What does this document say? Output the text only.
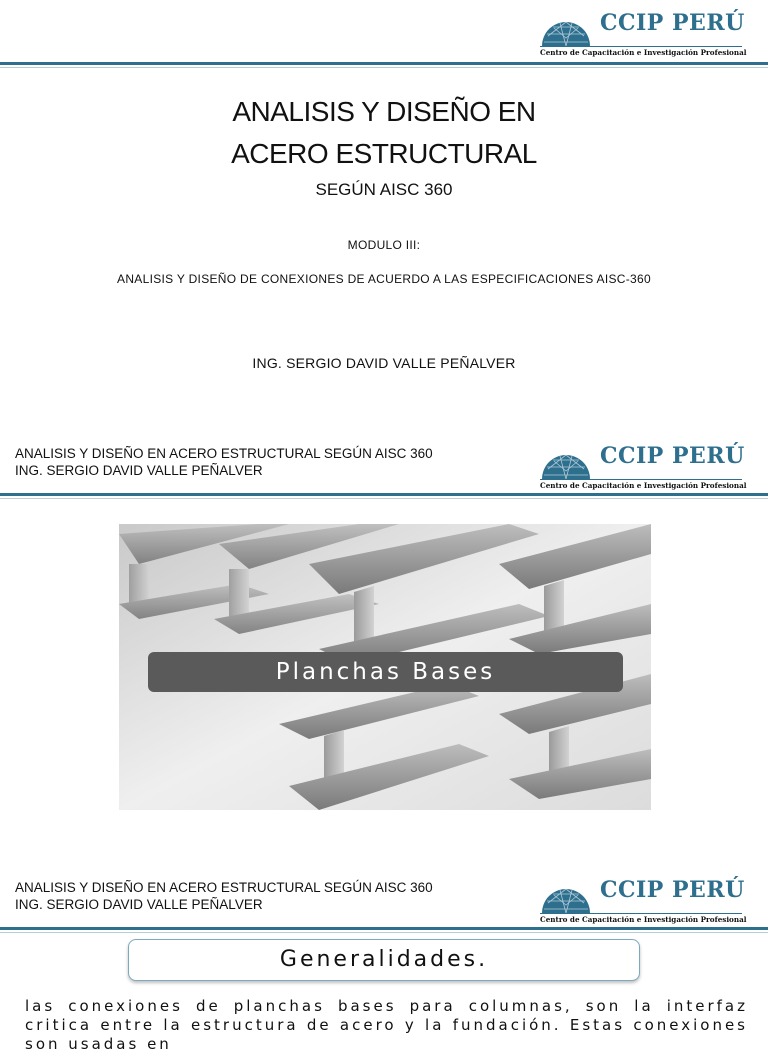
CCIP PERÚ
Centro de Capacitación e Investigación Profesional
ANALISIS Y DISEÑO EN
ACERO ESTRUCTURAL
SEGÚN AISC 360
MODULO III:
ANALISIS Y DISEÑO DE CONEXIONES DE ACUERDO A LAS ESPECIFICACIONES AISC-360
ING. SERGIO DAVID VALLE PEÑALVER
ANALISIS Y DISEÑO EN ACERO ESTRUCTURAL SEGÚN AISC 360
ING. SERGIO DAVID VALLE PEÑALVER
CCIP PERÚ
Centro de Capacitación e Investigación Profesional
Planchas Bases
ANALISIS Y DISEÑO EN ACERO ESTRUCTURAL SEGÚN AISC 360
ING. SERGIO DAVID VALLE PEÑALVER
CCIP PERÚ
Centro de Capacitación e Investigación Profesional
Generalidades.
las conexiones de planchas bases para columnas, son la interfaz critica entre la estructura de acero y la fundación. Estas conexiones son usadas en
